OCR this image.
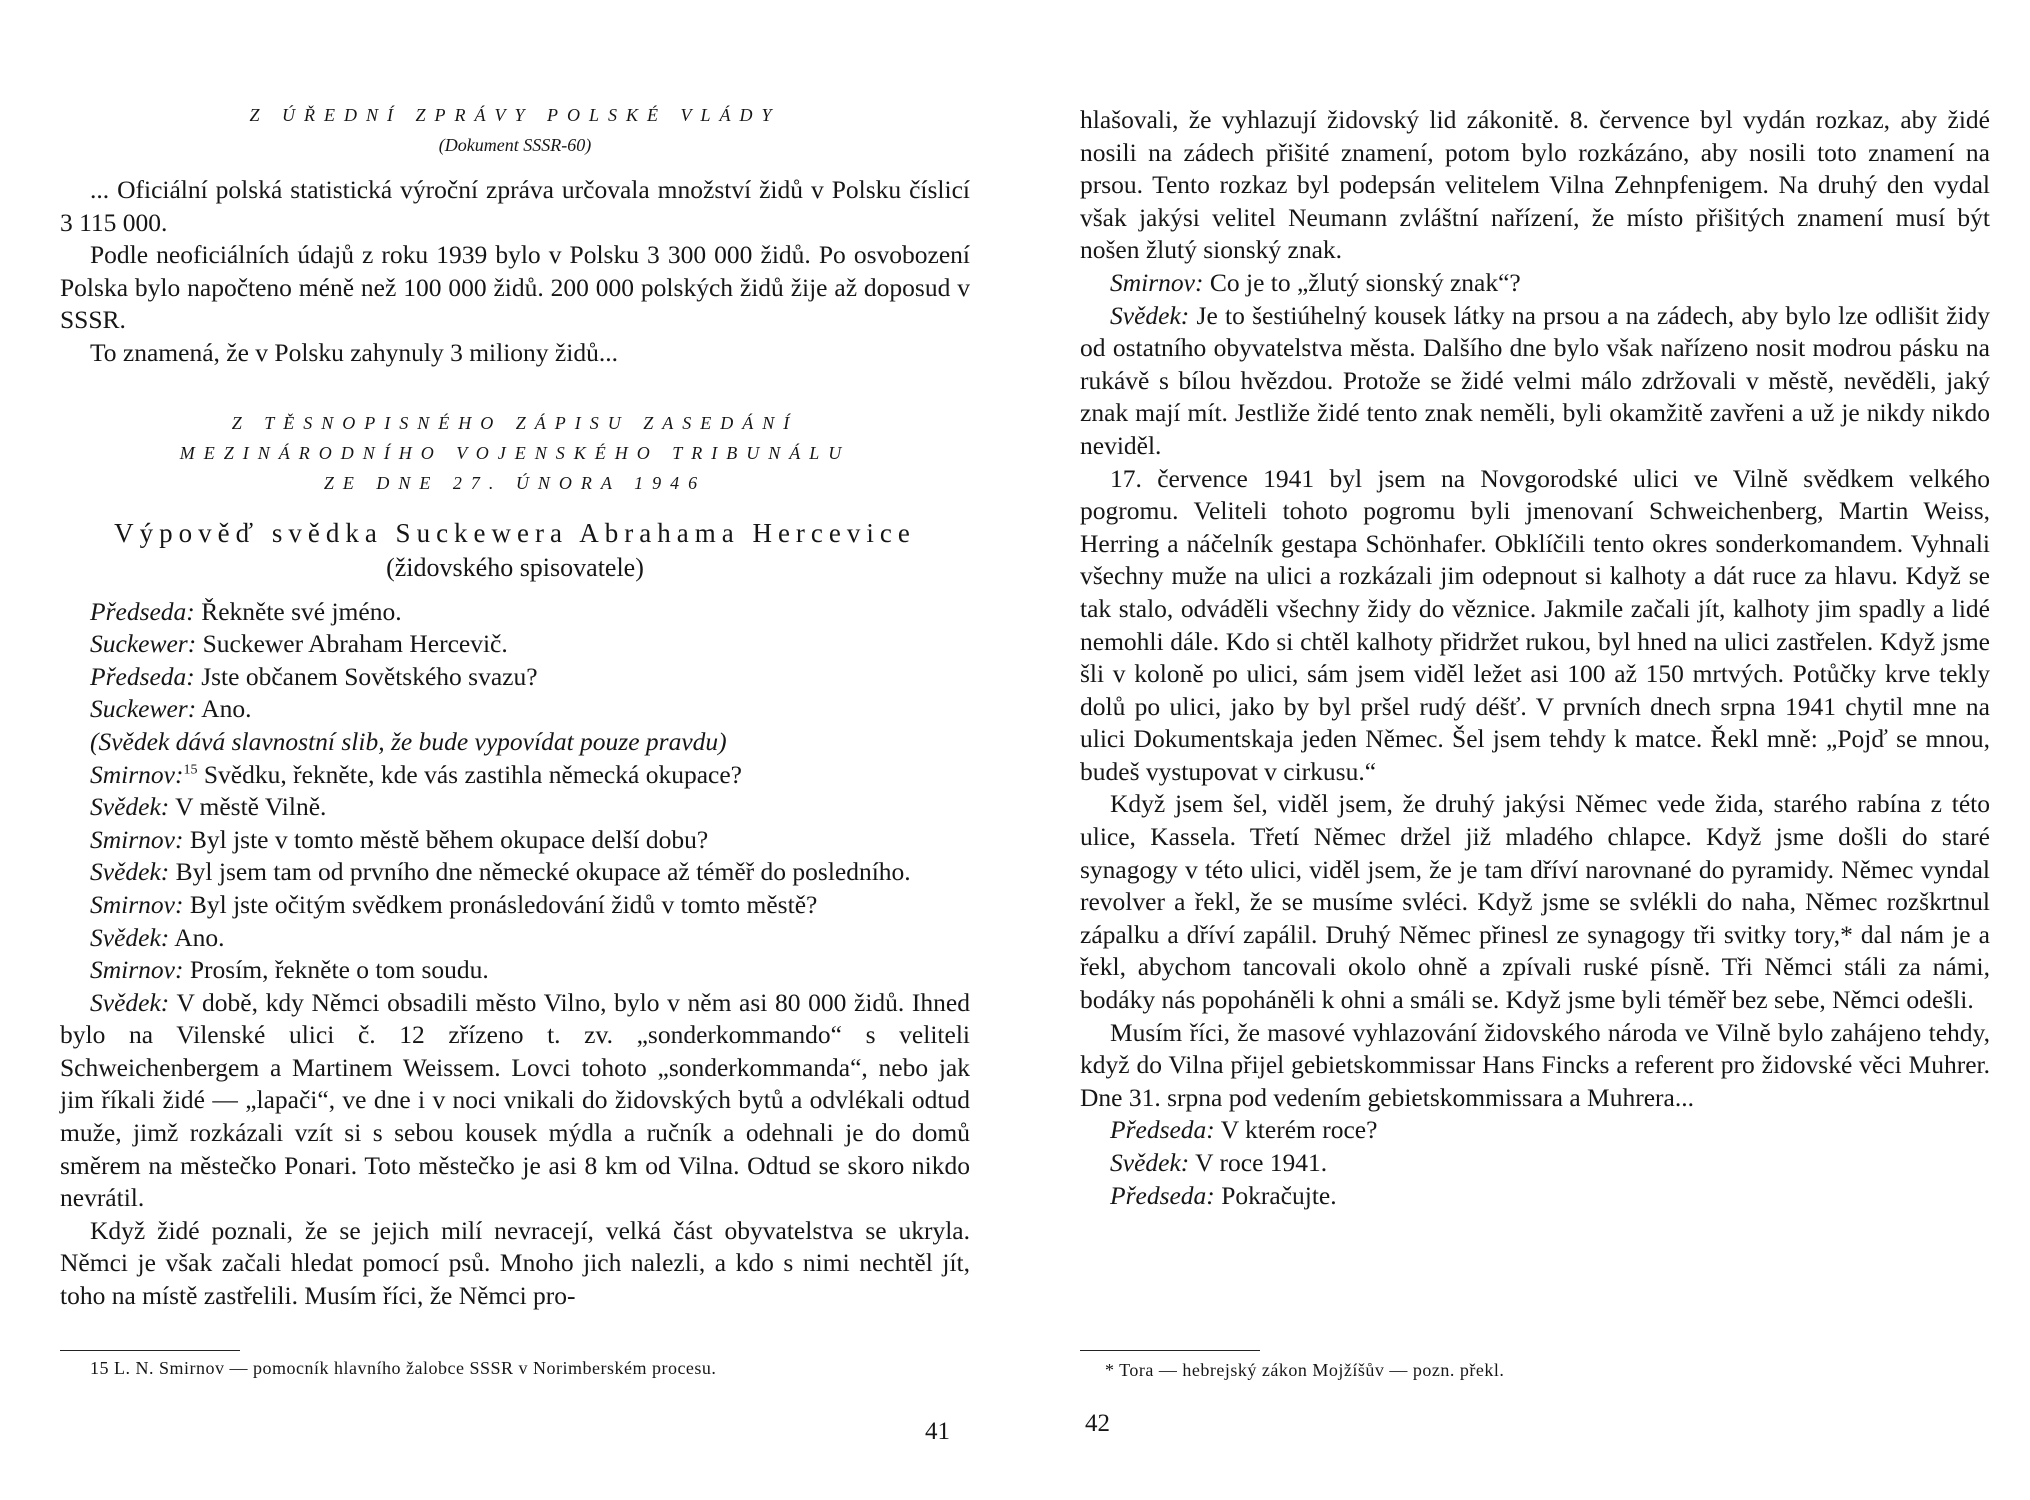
Z ÚŘEDNÍ ZPRÁVY POLSKÉ VLÁDY

(Dokument SSSR-60)

... Oficiální polská statistická výroční zpráva určovala množství židů v Polsku číslicí 3 115 000.

Podle neoficiálních údajů z roku 1939 bylo v Polsku 3 300 000 židů. Po osvobození Polska bylo napočteno méně než 100 000 židů. 200 000 polských židů žije až doposud v SSSR.

To znamená, že v Polsku zahynuly 3 miliony židů...

Z TĚSNOPISNÉHO ZÁPISU ZASEDÁNÍ

MEZINÁRODNÍHO VOJENSKÉHO TRIBUNÁLU

ZE DNE 27. ÚNORA 1946

Výpověď svědka Suckewera Abrahama Hercevice

(židovského spisovatele)

Předseda: Řekněte své jméno.

Suckewer: Suckewer Abraham Hercevič.

Předseda: Jste občanem Sovětského svazu?

Suckewer: Ano.

(Svědek dává slavnostní slib, že bude vypovídat pouze pravdu)

Smirnov:$^{15}$ Svědku, řekněte, kde vás zastihla německá okupace?

Svědek: V městě Vilně.

Smirnov: Byl jste v tomto městě během okupace delší dobu?

Svědek: Byl jsem tam od prvního dne německé okupace až téměř do posledního.

Smirnov: Byl jste očitým svědkem pronásledování židů v tomto městě?

Svědek: Ano.

Smirnov: Prosím, řekněte o tom soudu.

Svědek: V době, kdy Němci obsadili město Vilno, bylo v něm asi 80 000 židů. Ihned bylo na Vilenské ulici č. 12 zřízeno t. zv. „sonderkommando“ s veliteli Schweichenbergem a Martinem Weissem. Lovci tohoto „sonderkommanda“, nebo jak jim říkali židé — „lapači“, ve dne i v noci vnikali do židovských bytů a odvlékali odtud muže, jimž rozkázali vzít si s sebou kousek mýdla a ručník a odehnali je do domů směrem na městečko Ponari. Toto městečko je asi 8 km od Vilna. Odtud se skoro nikdo nevrátil.

Když židé poznali, že se jejich milí nevracejí, velká část obyvatelstva se ukryla. Němci je však začali hledat pomocí psů. Mnoho jich nalezli, a kdo s nimi nechtěl jít, toho na místě zastřelili. Musím říci, že Němci pro-

15 L. N. Smirnov — pomocník hlavního žalobce SSSR v Norimberském procesu.
41

hlašovali, že vyhlazují židovský lid zákonitě. 8. července byl vydán rozkaz, aby židé nosili na zádech přišité znamení, potom bylo rozkázáno, aby nosili toto znamení na prsou. Tento rozkaz byl podepsán velitelem Vilna Zehnpfenigem. Na druhý den vydal však jakýsi velitel Neumann zvláštní nařízení, že místo přišitých znamení musí být nošen žlutý sionský znak.

Smirnov: Co je to „žlutý sionský znak“?

Svědek: Je to šestiúhelný kousek látky na prsou a na zádech, aby bylo lze odlišit židy od ostatního obyvatelstva města. Dalšího dne bylo však nařízeno nosit modrou pásku na rukávě s bílou hvězdou. Protože se židé velmi málo zdržovali v městě, nevěděli, jaký znak mají mít. Jestliže židé tento znak neměli, byli okamžitě zavřeni a už je nikdy nikdo neviděl.

17. července 1941 byl jsem na Novgorodské ulici ve Vilně svědkem velkého pogromu. Veliteli tohoto pogromu byli jmenovaní Schweichenberg, Martin Weiss, Herring a náčelník gestapa Schönhafer. Obklíčili tento okres sonderkomandem. Vyhnali všechny muže na ulici a rozkázali jim odepnout si kalhoty a dát ruce za hlavu. Když se tak stalo, odváděli všechny židy do věznice. Jakmile začali jít, kalhoty jim spadly a lidé nemohli dále. Kdo si chtěl kalhoty přidržet rukou, byl hned na ulici zastřelen. Když jsme šli v koloně po ulici, sám jsem viděl ležet asi 100 až 150 mrtvých. Potůčky krve tekly dolů po ulici, jako by byl pršel rudý déšť. V prvních dnech srpna 1941 chytil mne na ulici Dokumentskaja jeden Němec. Šel jsem tehdy k matce. Řekl mně: „Pojď se mnou, budeš vystupovat v cirkusu.“

Když jsem šel, viděl jsem, že druhý jakýsi Němec vede žida, starého rabína z této ulice, Kassela. Třetí Němec držel již mladého chlapce. Když jsme došli do staré synagogy v této ulici, viděl jsem, že je tam dříví narovnané do pyramidy. Němec vyndal revolver a řekl, že se musíme svléci. Když jsme se svlékli do naha, Němec rozškrtnul zápalku a dříví zapálil. Druhý Němec přinesl ze synagogy tři svitky tory,* dal nám je a řekl, abychom tancovali okolo ohně a zpívali ruské písně. Tři Němci stáli za námi, bodáky nás popoháněli k ohni a smáli se. Když jsme byli téměř bez sebe, Němci odešli.

Musím říci, že masové vyhlazování židovského národa ve Vilně bylo zahájeno tehdy, když do Vilna přijel gebietskommissar Hans Fincks a referent pro židovské věci Muhrer. Dne 31. srpna pod vedením gebietskommissara a Muhrera...

Předseda: V kterém roce?

Svědek: V roce 1941.

Předseda: Pokračujte.

* Tora — hebrejský zákon Mojžíšův — pozn. překl.
42
